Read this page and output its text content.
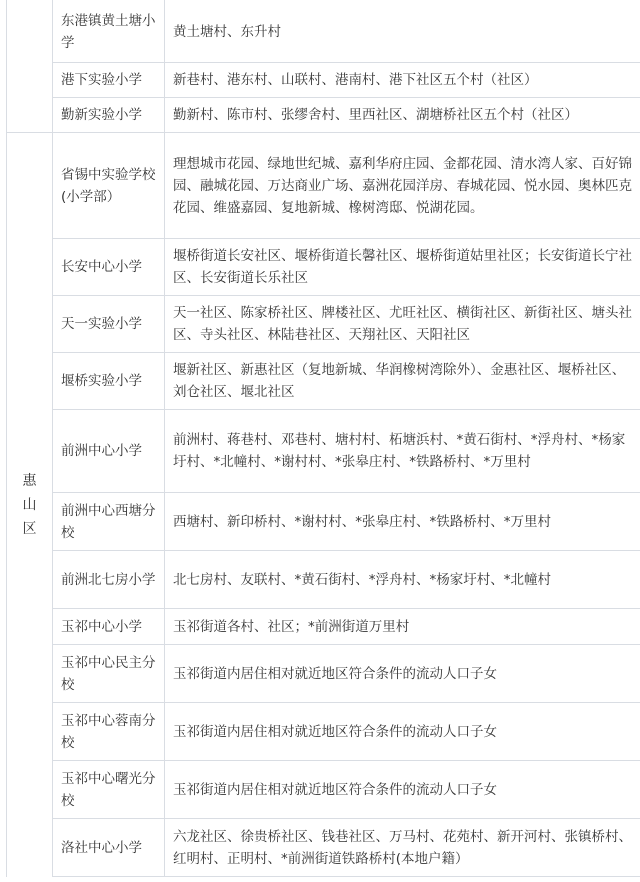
	东港镇黄土塘小学	黄土塘村、东升村
	港下实验小学	新巷村、港东村、山联村、港南村、港下社区五个村（社区）
	勤新实验小学	勤新村、陈市村、张缪舍村、里西社区、湖塘桥社区五个村（社区）
惠山区	省锡中实验学校(小学部）	理想城市花园、绿地世纪城、嘉利华府庄园、金都花园、清水湾人家、百好锦园、融城花园、万达商业广场、嘉洲花园洋房、春城花园、悦水园、奥林匹克花园、维盛嘉园、复地新城、橡树湾邸、悦湖花园。
	长安中心小学	堰桥街道长安社区、堰桥街道长馨社区、堰桥街道姑里社区；长安街道长宁社区、长安街道长乐社区
	天一实验小学	天一社区、陈家桥社区、牌楼社区、尤旺社区、横街社区、新街社区、塘头社区、寺头社区、林陆巷社区、天翔社区、天阳社区
	堰桥实验小学	堰新社区、新惠社区（复地新城、华润橡树湾除外）、金惠社区、堰桥社区、刘仓社区、堰北社区
	前洲中心小学	前洲村、蒋巷村、邓巷村、塘村村、柘塘浜村、*黄石街村、*浮舟村、*杨家圩村、*北幢村、*谢村村、*张皋庄村、*铁路桥村、*万里村
	前洲中心西塘分校	西塘村、新印桥村、*谢村村、*张皋庄村、*铁路桥村、*万里村
	前洲北七房小学	北七房村、友联村、*黄石街村、*浮舟村、*杨家圩村、*北幢村
	玉祁中心小学	玉祁街道各村、社区；*前洲街道万里村
	玉祁中心民主分校	玉祁街道内居住相对就近地区符合条件的流动人口子女
	玉祁中心蓉南分校	玉祁街道内居住相对就近地区符合条件的流动人口子女
	玉祁中心曙光分校	玉祁街道内居住相对就近地区符合条件的流动人口子女
	洛社中心小学	六龙社区、徐贵桥社区、钱巷社区、万马村、花苑村、新开河村、张镇桥村、红明村、正明村、*前洲街道铁路桥村(本地户籍）
